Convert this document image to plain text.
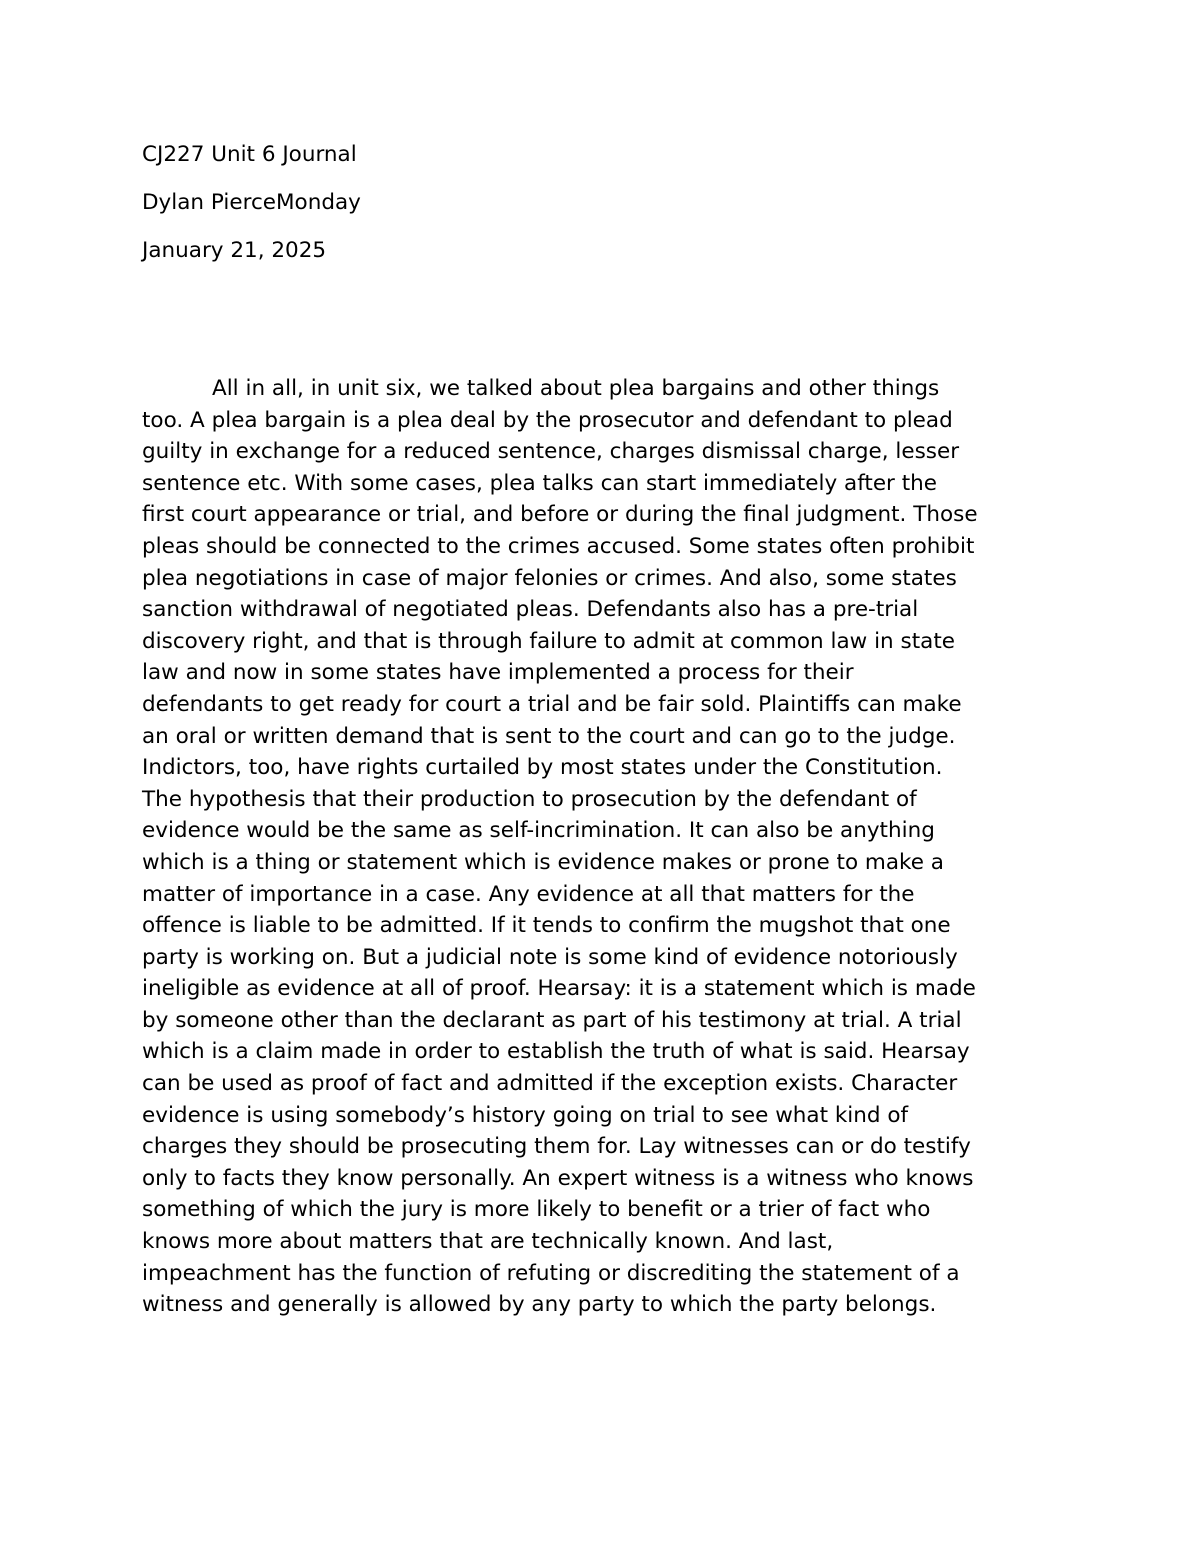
CJ227 Unit 6 Journal
Dylan PierceMonday
January 21, 2025
All in all, in unit six, we talked about plea bargains and other things
too. A plea bargain is a plea deal by the prosecutor and defendant to plead
guilty in exchange for a reduced sentence, charges dismissal charge, lesser
sentence etc. With some cases, plea talks can start immediately after the
first court appearance or trial, and before or during the final judgment. Those
pleas should be connected to the crimes accused. Some states often prohibit
plea negotiations in case of major felonies or crimes. And also, some states
sanction withdrawal of negotiated pleas. Defendants also has a pre-trial
discovery right, and that is through failure to admit at common law in state
law and now in some states have implemented a process for their
defendants to get ready for court a trial and be fair sold. Plaintiffs can make
an oral or written demand that is sent to the court and can go to the judge.
Indictors, too, have rights curtailed by most states under the Constitution.
The hypothesis that their production to prosecution by the defendant of
evidence would be the same as self-incrimination. It can also be anything
which is a thing or statement which is evidence makes or prone to make a
matter of importance in a case. Any evidence at all that matters for the
offence is liable to be admitted. If it tends to confirm the mugshot that one
party is working on. But a judicial note is some kind of evidence notoriously
ineligible as evidence at all of proof. Hearsay: it is a statement which is made
by someone other than the declarant as part of his testimony at trial. A trial
which is a claim made in order to establish the truth of what is said. Hearsay
can be used as proof of fact and admitted if the exception exists. Character
evidence is using somebody’s history going on trial to see what kind of
charges they should be prosecuting them for. Lay witnesses can or do testify
only to facts they know personally. An expert witness is a witness who knows
something of which the jury is more likely to benefit or a trier of fact who
knows more about matters that are technically known. And last,
impeachment has the function of refuting or discrediting the statement of a
witness and generally is allowed by any party to which the party belongs.
